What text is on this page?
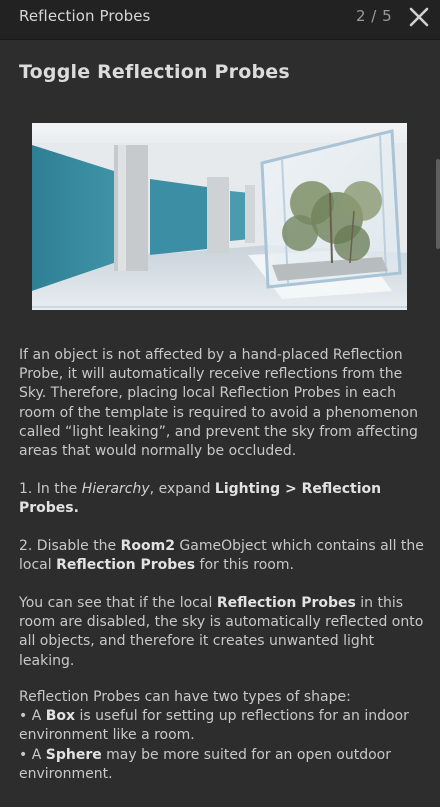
Reflection Probes	2 / 5
Toggle Reflection Probes

If an object is not affected by a hand-placed Reflection Probe, it will automatically receive reflections from the Sky. Therefore, placing local Reflection Probes in each room of the template is required to avoid a phenomenon called “light leaking”, and prevent the sky from affecting areas that would normally be occluded.

1. In the Hierarchy, expand Lighting > Reflection Probes.

2. Disable the Room2 GameObject which contains all the local Reflection Probes for this room.

You can see that if the local Reflection Probes in this room are disabled, the sky is automatically reflected onto all objects, and therefore it creates unwanted light leaking.

Reflection Probes can have two types of shape:
• A Box is useful for setting up reflections for an indoor environment like a room.
• A Sphere may be more suited for an open outdoor environment.
